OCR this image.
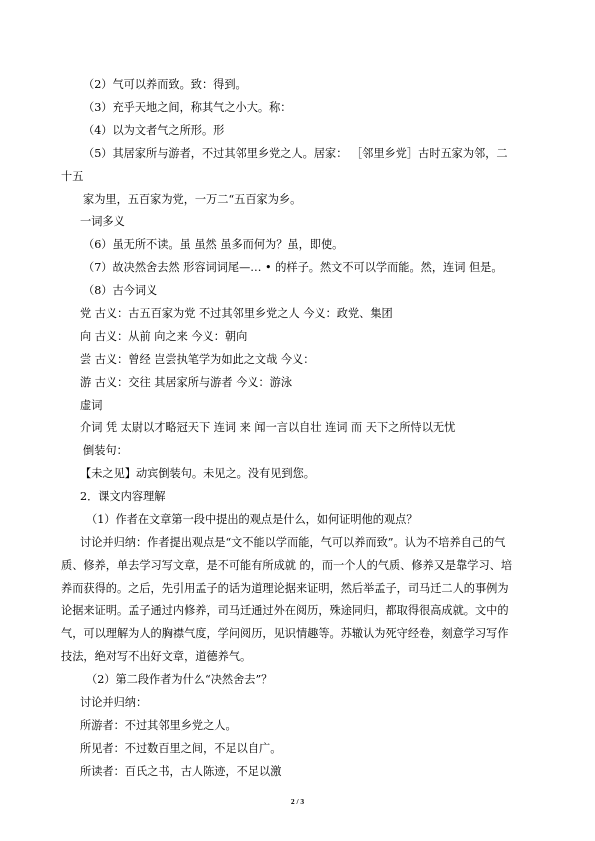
（2）气可以养而致。致：得到。

（3）充乎天地之间，称其气之小大。称：

（4）以为文者气之所形。形

（5）其居家所与游者，不过其邻里乡党之人。居家： ［邻里乡党］古时五家为邻，二

十五

家为里，五百家为党，一万二“五百家为乡。

一词多义

（6）虽无所不读。虽 虽然 虽多而何为？虽，即使。

（7）故决然舍去然 形容词词尾—… • 的样子。然文不可以学而能。然，连词 但是。

（8）古今词义

党 古义：古五百家为党 不过其邻里乡党之人 今义：政党、集团

向 古义：从前 向之来 今义：朝向

尝 古义：曾经 岂尝执笔学为如此之文哉 今义：

游 古义：交往 其居家所与游者 今义：游泳

虚词

介词 凭 太尉以才略冠天下 连词 来 闻一言以自壮 连词 而 天下之所恃以无忧

倒装句：

【未之见】动宾倒装句。未见之。没有见到您。

2．课文内容理解

（1）作者在文章第一段中提出的观点是什么，如何证明他的观点？

讨论并归纳：作者提出观点是“文不能以学而能，气可以养而致”。认为不培养自己的气

质、修养，单去学习写文章，是不可能有所成就 的，而一个人的气质、修养又是靠学习、培

养而获得的。之后，先引用孟子的话为道理论据来证明，然后举孟子，司马迁二人的事例为

论据来证明。孟子通过内修养，司马迁通过外在阅历，殊途同归，都取得很高成就。文中的

气，可以理解为人的胸襟气度，学问阅历，见识情趣等。苏辙认为死守经卷，刻意学习写作

技法，绝对写不出好文章，道德养气。

（2）第二段作者为什么“决然舍去”？

讨论并归纳：

所游者：不过其邻里乡党之人。

所见者：不过数百里之间，不足以自广。

所读者：百氏之书，古人陈迹，不足以激

2 / 3
